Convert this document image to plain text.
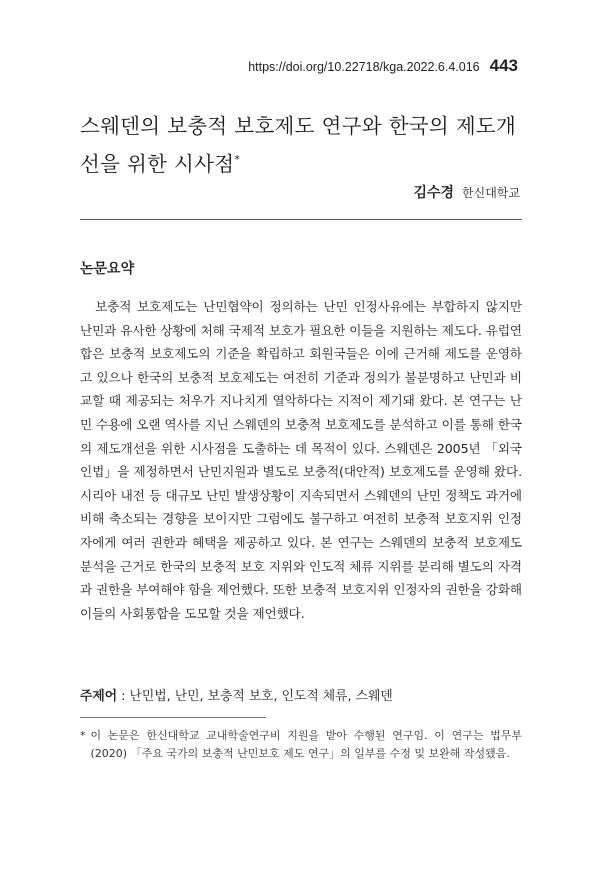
https://doi.org/10.22718/kga.2022.6.4.016 443
스웨덴의 보충적 보호제도 연구와 한국의 제도개선을 위한 시사점*
김수경 한신대학교
논문요약

보충적 보호제도는 난민협약이 정의하는 난민 인정사유에는 부합하지 않지만 난민과 유사한 상황에 처해 국제적 보호가 필요한 이들을 지원하는 제도다. 유럽연합은 보충적 보호제도의 기준을 확립하고 회원국들은 이에 근거해 제도를 운영하고 있으나 한국의 보충적 보호제도는 여전히 기준과 정의가 불분명하고 난민과 비교할 때 제공되는 처우가 지나치게 열악하다는 지적이 제기돼 왔다. 본 연구는 난민 수용에 오랜 역사를 지닌 스웨덴의 보충적 보호제도를 분석하고 이를 통해 한국의 제도개선을 위한 시사점을 도출하는 데 목적이 있다. 스웨덴은 2005년 「외국인법」을 제정하면서 난민지원과 별도로 보충적(대안적) 보호제도를 운영해 왔다. 시리아 내전 등 대규모 난민 발생상황이 지속되면서 스웨덴의 난민 정책도 과거에 비해 축소되는 경향을 보이지만 그럼에도 불구하고 여전히 보충적 보호지위 인정자에게 여러 권한과 혜택을 제공하고 있다. 본 연구는 스웨덴의 보충적 보호제도 분석을 근거로 한국의 보충적 보호 지위와 인도적 체류 지위를 분리해 별도의 자격과 권한을 부여해야 함을 제언했다. 또한 보충적 보호지위 인정자의 권한을 강화해 이들의 사회통합을 도모할 것을 제언했다.

주제어 : 난민법, 난민, 보충적 보호, 인도적 체류, 스웨덴
* 이 논문은 한신대학교 교내학술연구비 지원을 받아 수행된 연구임. 이 연구는 법무부(2020) 「주요 국가의 보충적 난민보호 제도 연구」의 일부를 수정 및 보완해 작성됐음.
